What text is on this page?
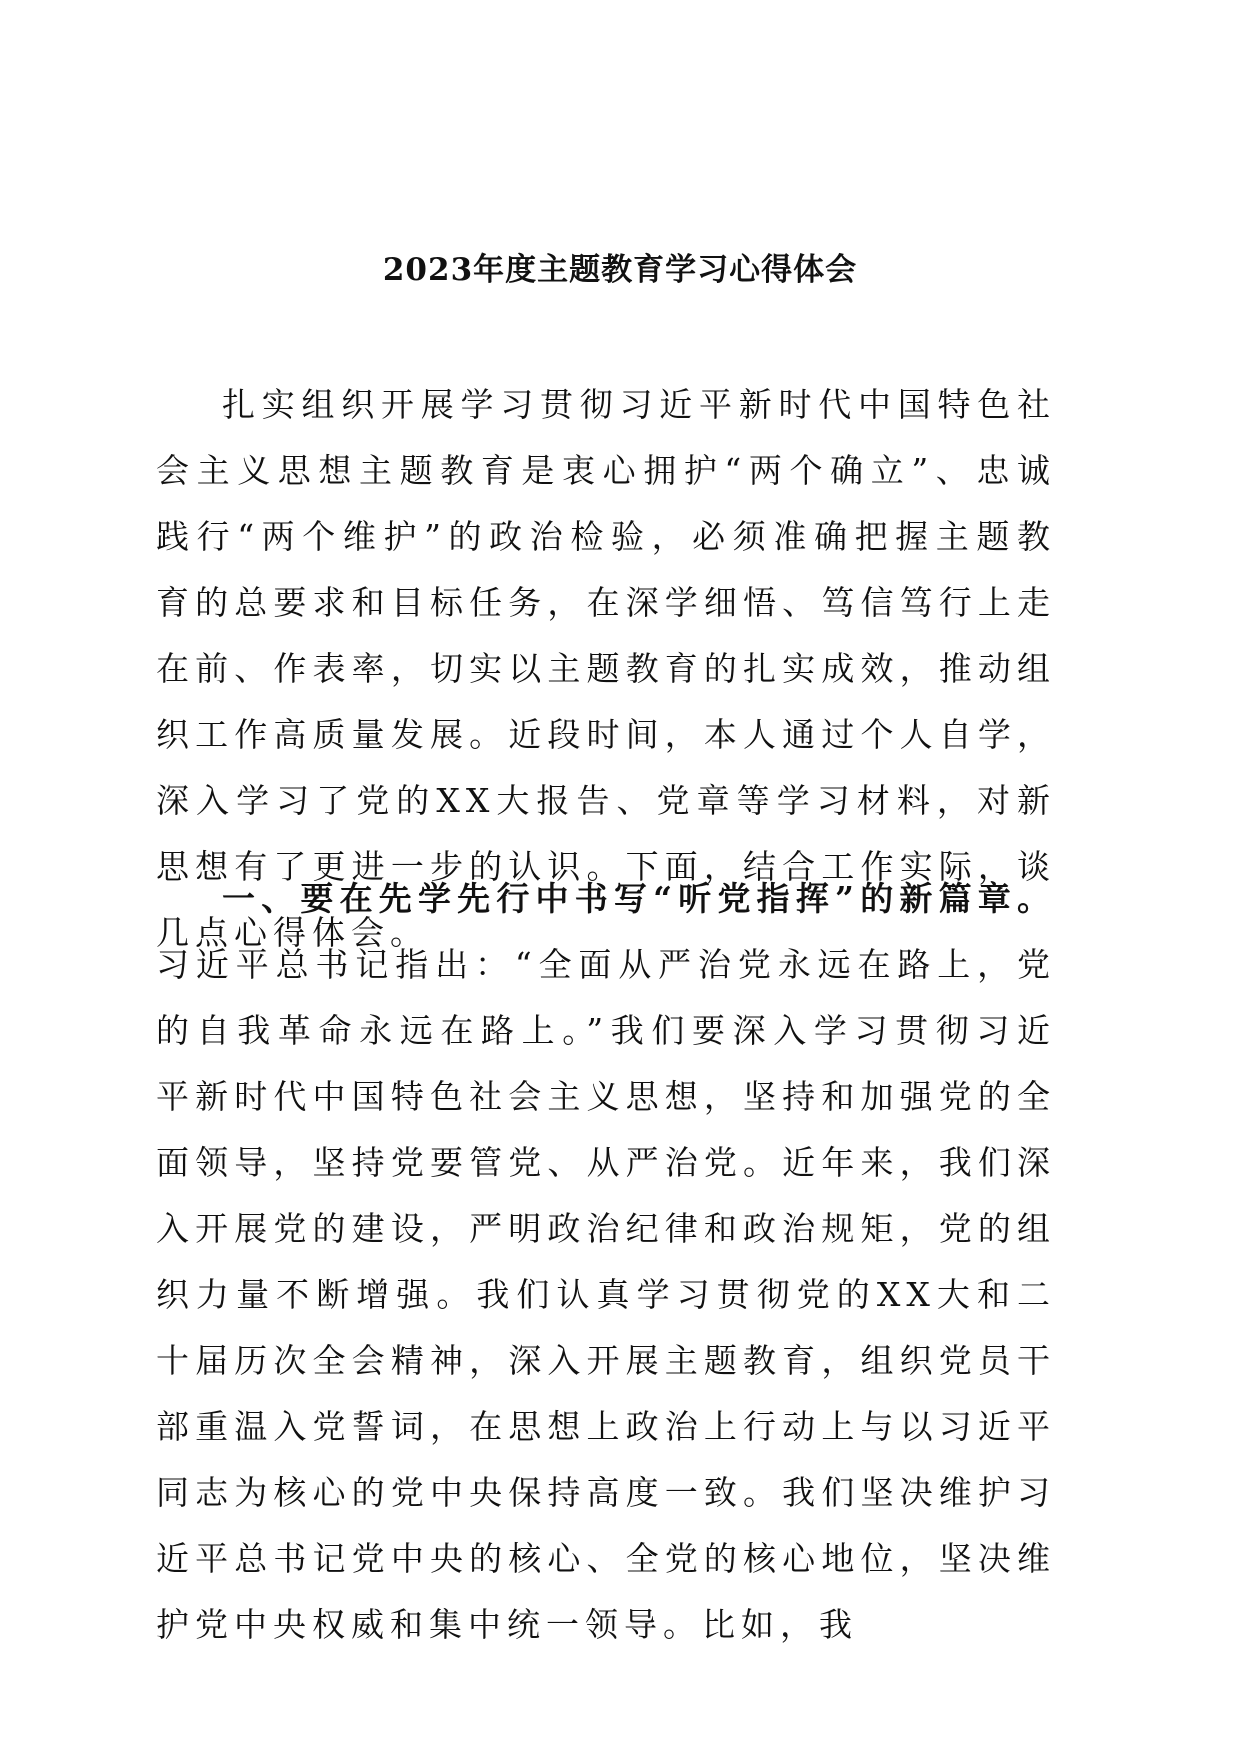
2023年度主题教育学习心得体会

扎实组织开展学习贯彻习近平新时代中国特色社会主义思想主题教育是衷心拥护“两个确立”、忠诚践行“两个维护”的政治检验，必须准确把握主题教育的总要求和目标任务，在深学细悟、笃信笃行上走在前、作表率，切实以主题教育的扎实成效，推动组织工作高质量发展。近段时间，本人通过个人自学，深入学习了党的XX大报告、党章等学习材料，对新思想有了更进一步的认识。下面，结合工作实际，谈几点心得体会。

一、要在先学先行中书写“听党指挥”的新篇章。习近平总书记指出：“全面从严治党永远在路上，党的自我革命永远在路上。”我们要深入学习贯彻习近平新时代中国特色社会主义思想，坚持和加强党的全面领导，坚持党要管党、从严治党。近年来，我们深入开展党的建设，严明政治纪律和政治规矩，党的组织力量不断增强。我们认真学习贯彻党的XX大和二十届历次全会精神，深入开展主题教育，组织党员干部重温入党誓词，在思想上政治上行动上与以习近平同志为核心的党中央保持高度一致。我们坚决维护习近平总书记党中央的核心、全党的核心地位，坚决维护党中央权威和集中统一领导。比如，我
